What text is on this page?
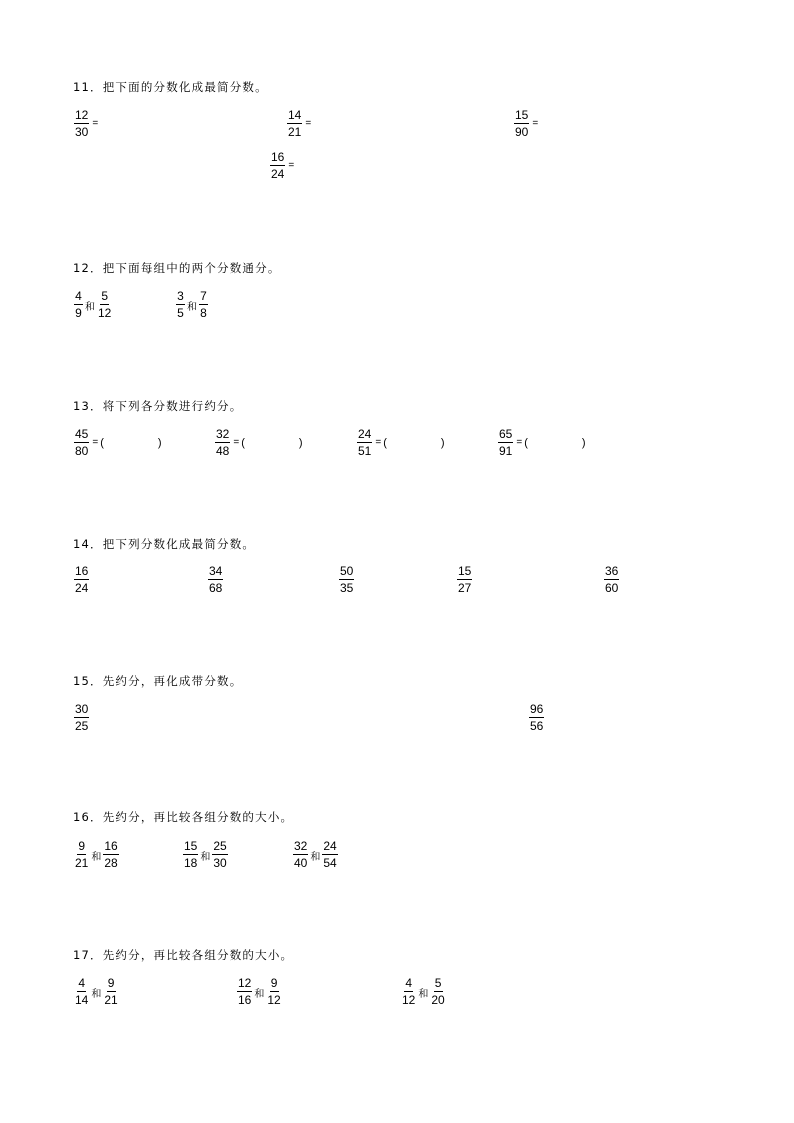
11．把下面的分数化成最简分数。
$\frac{12}{30}$ =	$\frac{14}{21}$ =	$\frac{15}{90}$ =
$\frac{16}{24}$ =
12．把下面每组中的两个分数通分。
$\frac{4}{9}$ 和 $\frac{5}{12}$	$\frac{3}{5}$ 和 $\frac{7}{8}$
13．将下列各分数进行约分。
$\frac{45}{80}$ = (	)	$\frac{32}{48}$ = (	)	$\frac{24}{51}$ = (	)	$\frac{65}{91}$ = (	)
14．把下列分数化成最简分数。
$\frac{16}{24}$	$\frac{34}{68}$	$\frac{50}{35}$	$\frac{15}{27}$	$\frac{36}{60}$
15．先约分，再化成带分数。
$\frac{30}{25}$	$\frac{96}{56}$
16．先约分，再比较各组分数的大小。
$\frac{9}{21}$ 和 $\frac{16}{28}$	$\frac{15}{18}$ 和 $\frac{25}{30}$	$\frac{32}{40}$ 和 $\frac{24}{54}$
17．先约分，再比较各组分数的大小。
$\frac{4}{14}$ 和 $\frac{9}{21}$	$\frac{12}{16}$ 和 $\frac{9}{12}$	$\frac{4}{12}$ 和 $\frac{5}{20}$
